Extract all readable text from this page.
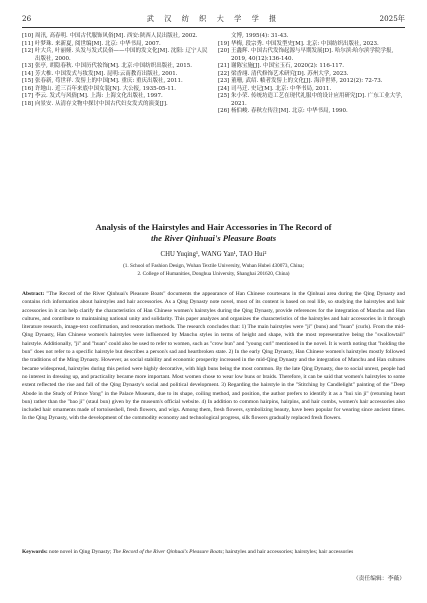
26	武 汉 纺 织 大 学 学 报	2025年
[10] 周汛, 高春明. 中国古代服饰风俗[M]. 西安:陕西人民出版社, 2002.
[11] 叶梦珠. 来新夏, 阅世编[M]. 北京: 中华书局, 2007.
[12] 叶大兵, 叶丽娅. 头发与发式民俗——中国的发文化[M]. 沈阳: 辽宁人民出版社, 2000.
[13] 张亭, 胡隐春秋. 中国历代妆饰[M]. 北京:中国纺织出版社, 2015.
[14] 芳大椎. 中国发式与妆发[M]. 昆明:云南教育出版社, 2001.
[15] 张春新, 苟世祥. 发髻上的中国[M]. 重庆: 重庆出版社, 2011.
[16] 许地山. 近三百年来底中国女装[N]. 大公报, 1935-05-11.
[17] 李云. 发式与风俗[M]. 上海: 上海文化出版社, 1997.
[18] 向景安. 从清存文物中探讨中国古代妇女发式的演变[J].
文博, 1995(4): 31-43.
[19] 华梅, 段宗秀. 中国发型史[M]. 北京: 中国纺织出版社, 2023.
[20] 王鑫辉. 中国古代发饰起源与早期发展[D]. 哈尔滨:哈尔滨学院学报, 2019, 40(12):136-140.
[21] 谢陈宝施[J]. 中国宝玉石, 2020(2): 116-117.
[22] 梁香翊. 清代修饰艺术研究[D]. 苏州大学, 2023.
[23] 董珊, 武绍. 帻者发髻上的文化[J]. 海洋世界, 2012(2): 72-73.
[24] 司马迁. 史记[M]. 北京: 中华书局, 2011.
[25] 朱小荣. 传统坊造工艺在现代礼服中的设计应用研究[D]. 广东工业大学, 2021.
[26] 杨伯峻. 春秋左传注[M]. 北京: 中华书局, 1990.
Analysis of the Hairstyles and Hair Accessories in The Record of
the River Qinhuai's Pleasure Boats
CHU Yuqing¹, WANG Yan¹, TAO Hui²
(1. School of Fashion Design, Wuhan Textile University, Wuhan Hubei 430073, China;
2. College of Humanities, Donghua University, Shanghai 201620, China)
Abstract: "The Record of the River Qinhuai's Pleasure Boats" documents the appearance of Han Chinese courtesans in the Qinhuai area during the Qing Dynasty and contains rich information about hairstyles and hair accessories. As a Qing Dynasty note novel, most of its content is based on real life, so studying the hairstyles and hair accessories in it can help clarify the characteristics of Han Chinese women's hairstyles during the Qing Dynasty, provide references for the integration of Manchu and Han cultures, and contribute to maintaining national unity and solidarity. This paper analyzes and organizes the characteristics of the hairstyles and hair accessories in it through literature research, image-text confirmation, and restoration methods. The research concludes that: 1) The main hairstyles were "ji" (buns) and "huan" (curls). From the mid-Qing Dynasty, Han Chinese women's hairstyles were influenced by Manchu styles in terms of height and shape, with the most representative being the "swallowtail" hairstyle. Additionally, "ji" and "huan" could also be used to refer to women, such as "crow bun" and "young curl" mentioned in the novel. It is worth noting that "holding the bun" does not refer to a specific hairstyle but describes a person's sad and heartbroken state. 2) In the early Qing Dynasty, Han Chinese women's hairstyles mostly followed the traditions of the Ming Dynasty. However, as social stability and economic prosperity increased in the mid-Qing Dynasty and the integration of Manchu and Han cultures became widespread, hairstyles during this period were highly decorative, with high buns being the most common. By the late Qing Dynasty, due to social unrest, people had no interest in dressing up, and practicality became more important. Most women chose to wear low buns or braids. Therefore, it can be said that women's hairstyles to some extent reflected the rise and fall of the Qing Dynasty's social and political development. 3) Regarding the hairstyle in the "Stitching by Candlelight" painting of the "Deep Abode in the Study of Prince Yong" in the Palace Museum, due to its shape, coiling method, and position, the author prefers to identify it as a "hui xin ji" (returning heart bun) rather than the "bao ji" (staul bun) given by the museum's official website. 4) In addition to common hairpins, hairpins, and hair combs, women's hair accessories also included hair ornaments made of tortoiseshell, fresh flowers, and wigs. Among them, fresh flowers, symbolizing beauty, have been popular for wearing since ancient times. In the Qing Dynasty, with the development of the commodity economy and technological progress, silk flowers gradually replaced fresh flowers.
Keywords: note novel in Qing Dynasty; The Record of the River Qinhuai's Pleasure Boats; hairstyles and hair accessories; hairstyles; hair accessories
（责任编辑：李薇）
